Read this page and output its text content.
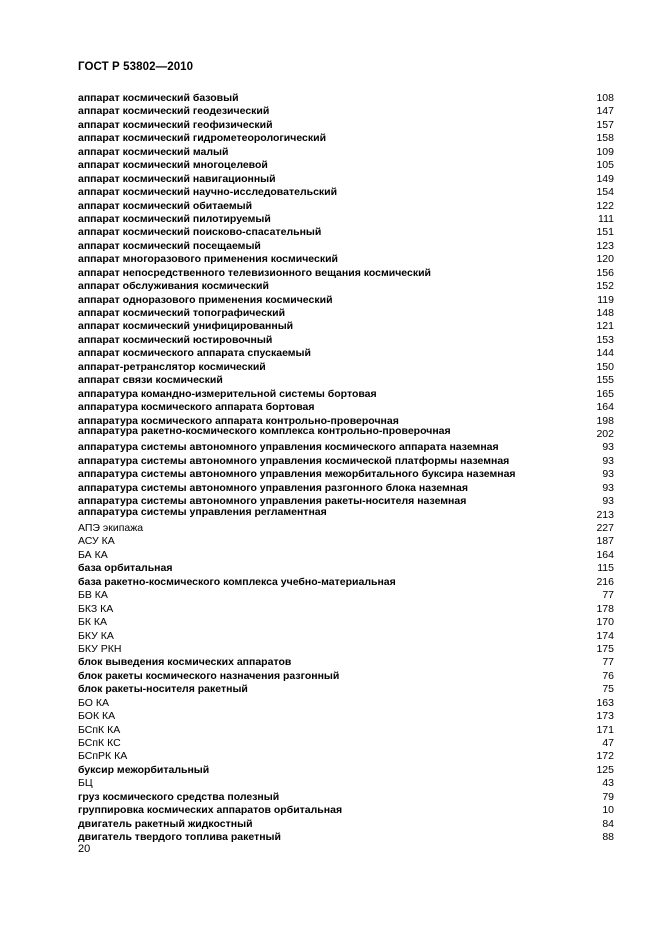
ГОСТ Р 53802—2010
аппарат космический базовый	108
аппарат космический геодезический	147
аппарат космический геофизический	157
аппарат космический гидрометеорологический	158
аппарат космический малый	109
аппарат космический многоцелевой	105
аппарат космический навигационный	149
аппарат космический научно-исследовательский	154
аппарат космический обитаемый	122
аппарат космический пилотируемый	111
аппарат космический поисково-спасательный	151
аппарат космический посещаемый	123
аппарат многоразового применения космический	120
аппарат непосредственного телевизионного вещания космический	156
аппарат обслуживания космический	152
аппарат одноразового применения космический	119
аппарат космический топографический	148
аппарат космический унифицированный	121
аппарат космический юстировочный	153
аппарат космического аппарата спускаемый	144
аппарат-ретранслятор космический	150
аппарат связи космический	155
аппаратура командно-измерительной системы бортовая	165
аппаратура космического аппарата бортовая	164
аппаратура космического аппарата контрольно-проверочная	198
аппаратура ракетно-космического комплекса контрольно-проверочная	202
аппаратура системы автономного управления космического аппарата наземная	93
аппаратура системы автономного управления космической платформы наземная	93
аппаратура системы автономного управления межорбитального буксира наземная	93
аппаратура системы автономного управления разгонного блока наземная	93
аппаратура системы автономного управления ракеты-носителя наземная	93
аппаратура системы управления регламентная	213
АПЭ экипажа	227
АСУ КА	187
БА КА	164
база орбитальная	115
база ракетно-космического комплекса учебно-материальная	216
БВ КА	77
БКЗ КА	178
БК КА	170
БКУ КА	174
БКУ РКН	175
блок выведения космических аппаратов	77
блок ракеты космического назначения разгонный	76
блок ракеты-носителя ракетный	75
БО КА	163
БОК КА	173
БСпК КА	171
БСпК КС	47
БСпРК КА	172
буксир межорбитальный	125
БЦ	43
груз космического средства полезный	79
группировка космических аппаратов орбитальная	10
двигатель ракетный жидкостный	84
двигатель твердого топлива ракетный	88
20
